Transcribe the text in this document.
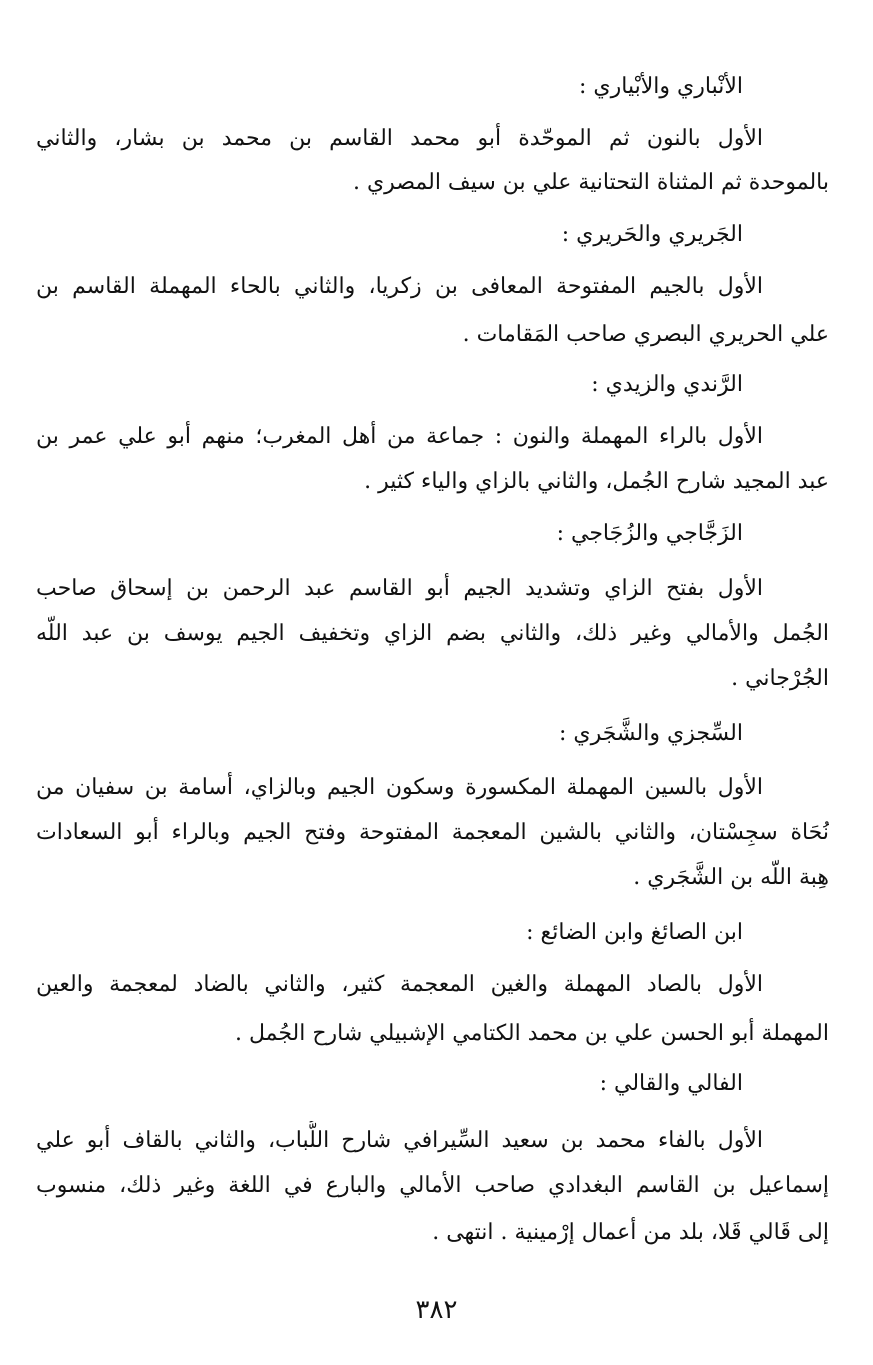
الأنْباري والأبْياري :
الأول بالنون ثم الموحّدة أبو محمد القاسم بن محمد بن بشار، والثاني
بالموحدة ثم المثناة التحتانية علي بن سيف المصري .
الجَريري والحَريري :
الأول بالجيم المفتوحة المعافى بن زكريا، والثاني بالحاء المهملة القاسم بن
علي الحريري البصري صاحب المَقامات .
الرَّندي والزيدي :
الأول بالراء المهملة والنون : جماعة من أهل المغرب؛ منهم أبو علي عمر بن
عبد المجيد شارح الجُمل، والثاني بالزاي والياء كثير .
الزَجَّاجي والزُجَاجي :
الأول بفتح الزاي وتشديد الجيم أبو القاسم عبد الرحمن بن إسحاق صاحب
الجُمل والأمالي وغير ذلك، والثاني بضم الزاي وتخفيف الجيم يوسف بن عبد اللّه
الجُرْجاني .
السِّجزي والشَّجَري :
الأول بالسين المهملة المكسورة وسكون الجيم وبالزاي، أسامة بن سفيان من
نُحَاة سجِسْتان، والثاني بالشين المعجمة المفتوحة وفتح الجيم وبالراء أبو السعادات
هِبة اللّه بن الشَّجَري .
ابن الصائغ وابن الضائع :
الأول بالصاد المهملة والغين المعجمة كثير، والثاني بالضاد لمعجمة والعين
المهملة أبو الحسن علي بن محمد الكتامي الإشبيلي شارح الجُمل .
الفالي والقالي :
الأول بالفاء محمد بن سعيد السِّيرافي شارح اللُّباب، والثاني بالقاف أبو علي
إسماعيل بن القاسم البغدادي صاحب الأمالي والبارع في اللغة وغير ذلك، منسوب
إلى قَالي قَلا، بلد من أعمال إرْمينية . انتهى .
٣٨٢
